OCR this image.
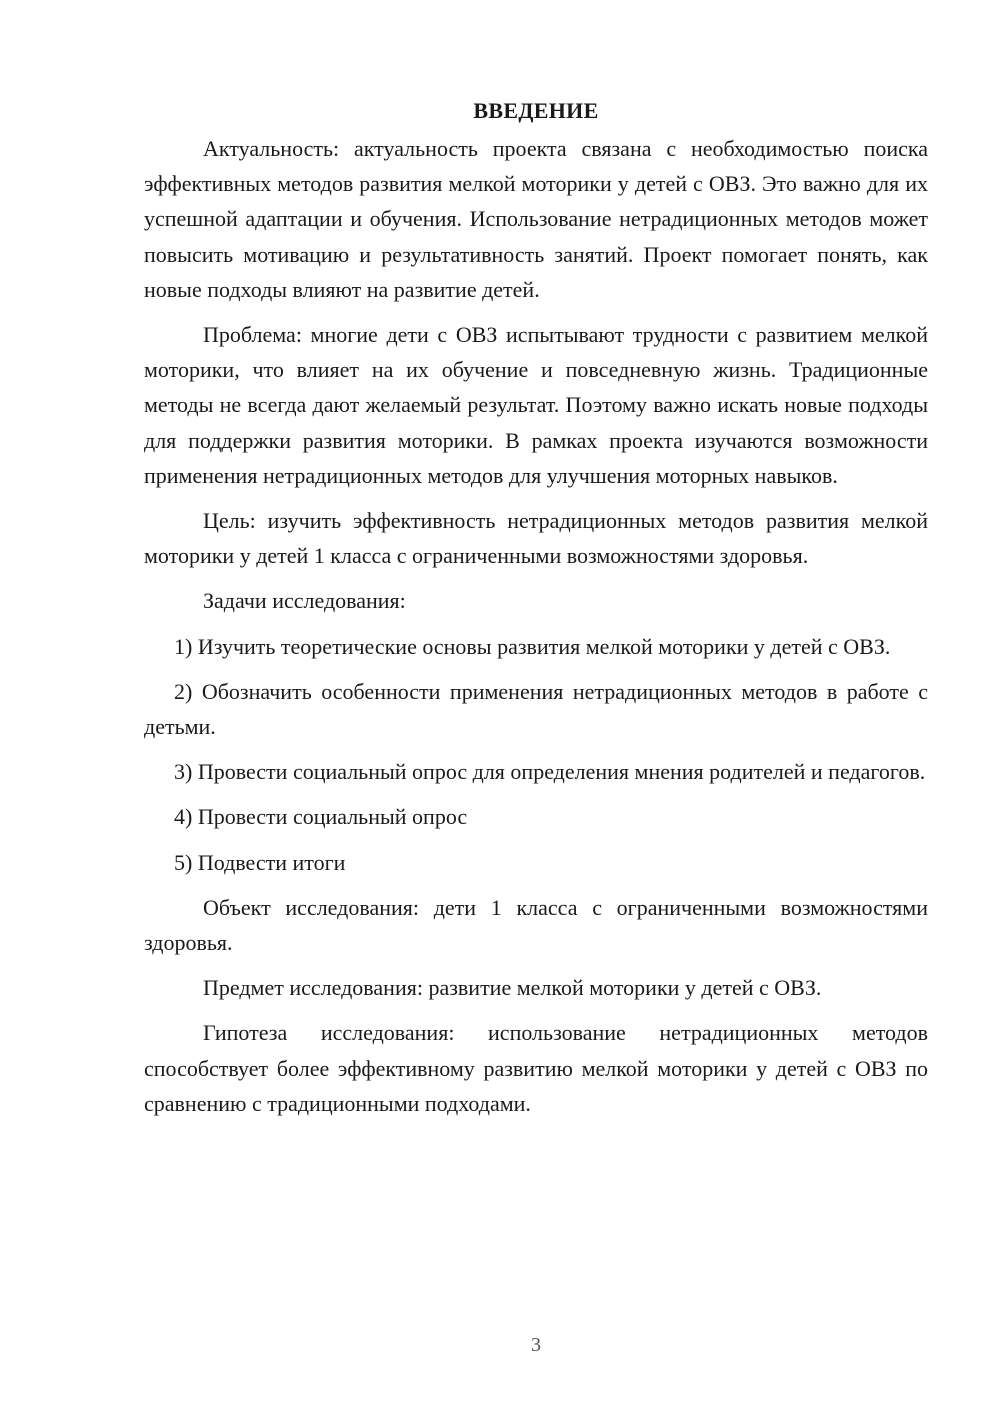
ВВЕДЕНИЕ

Актуальность: актуальность проекта связана с необходимостью поиска эффективных методов развития мелкой моторики у детей с ОВЗ. Это важно для их успешной адаптации и обучения. Использование нетрадиционных методов может повысить мотивацию и результативность занятий. Проект помогает понять, как новые подходы влияют на развитие детей.

Проблема: многие дети с ОВЗ испытывают трудности с развитием мелкой моторики, что влияет на их обучение и повседневную жизнь. Традиционные методы не всегда дают желаемый результат. Поэтому важно искать новые подходы для поддержки развития моторики. В рамках проекта изучаются возможности применения нетрадиционных методов для улучшения моторных навыков.

Цель: изучить эффективность нетрадиционных методов развития мелкой моторики у детей 1 класса с ограниченными возможностями здоровья.

Задачи исследования:

1) Изучить теоретические основы развития мелкой моторики у детей с ОВЗ.

2) Обозначить особенности применения нетрадиционных методов в работе с детьми.

3) Провести социальный опрос для определения мнения родителей и педагогов.

4) Провести социальный опрос

5) Подвести итоги

Объект исследования: дети 1 класса с ограниченными возможностями здоровья.

Предмет исследования: развитие мелкой моторики у детей с ОВЗ.

Гипотеза исследования: использование нетрадиционных методов способствует более эффективному развитию мелкой моторики у детей с ОВЗ по сравнению с традиционными подходами.

3
